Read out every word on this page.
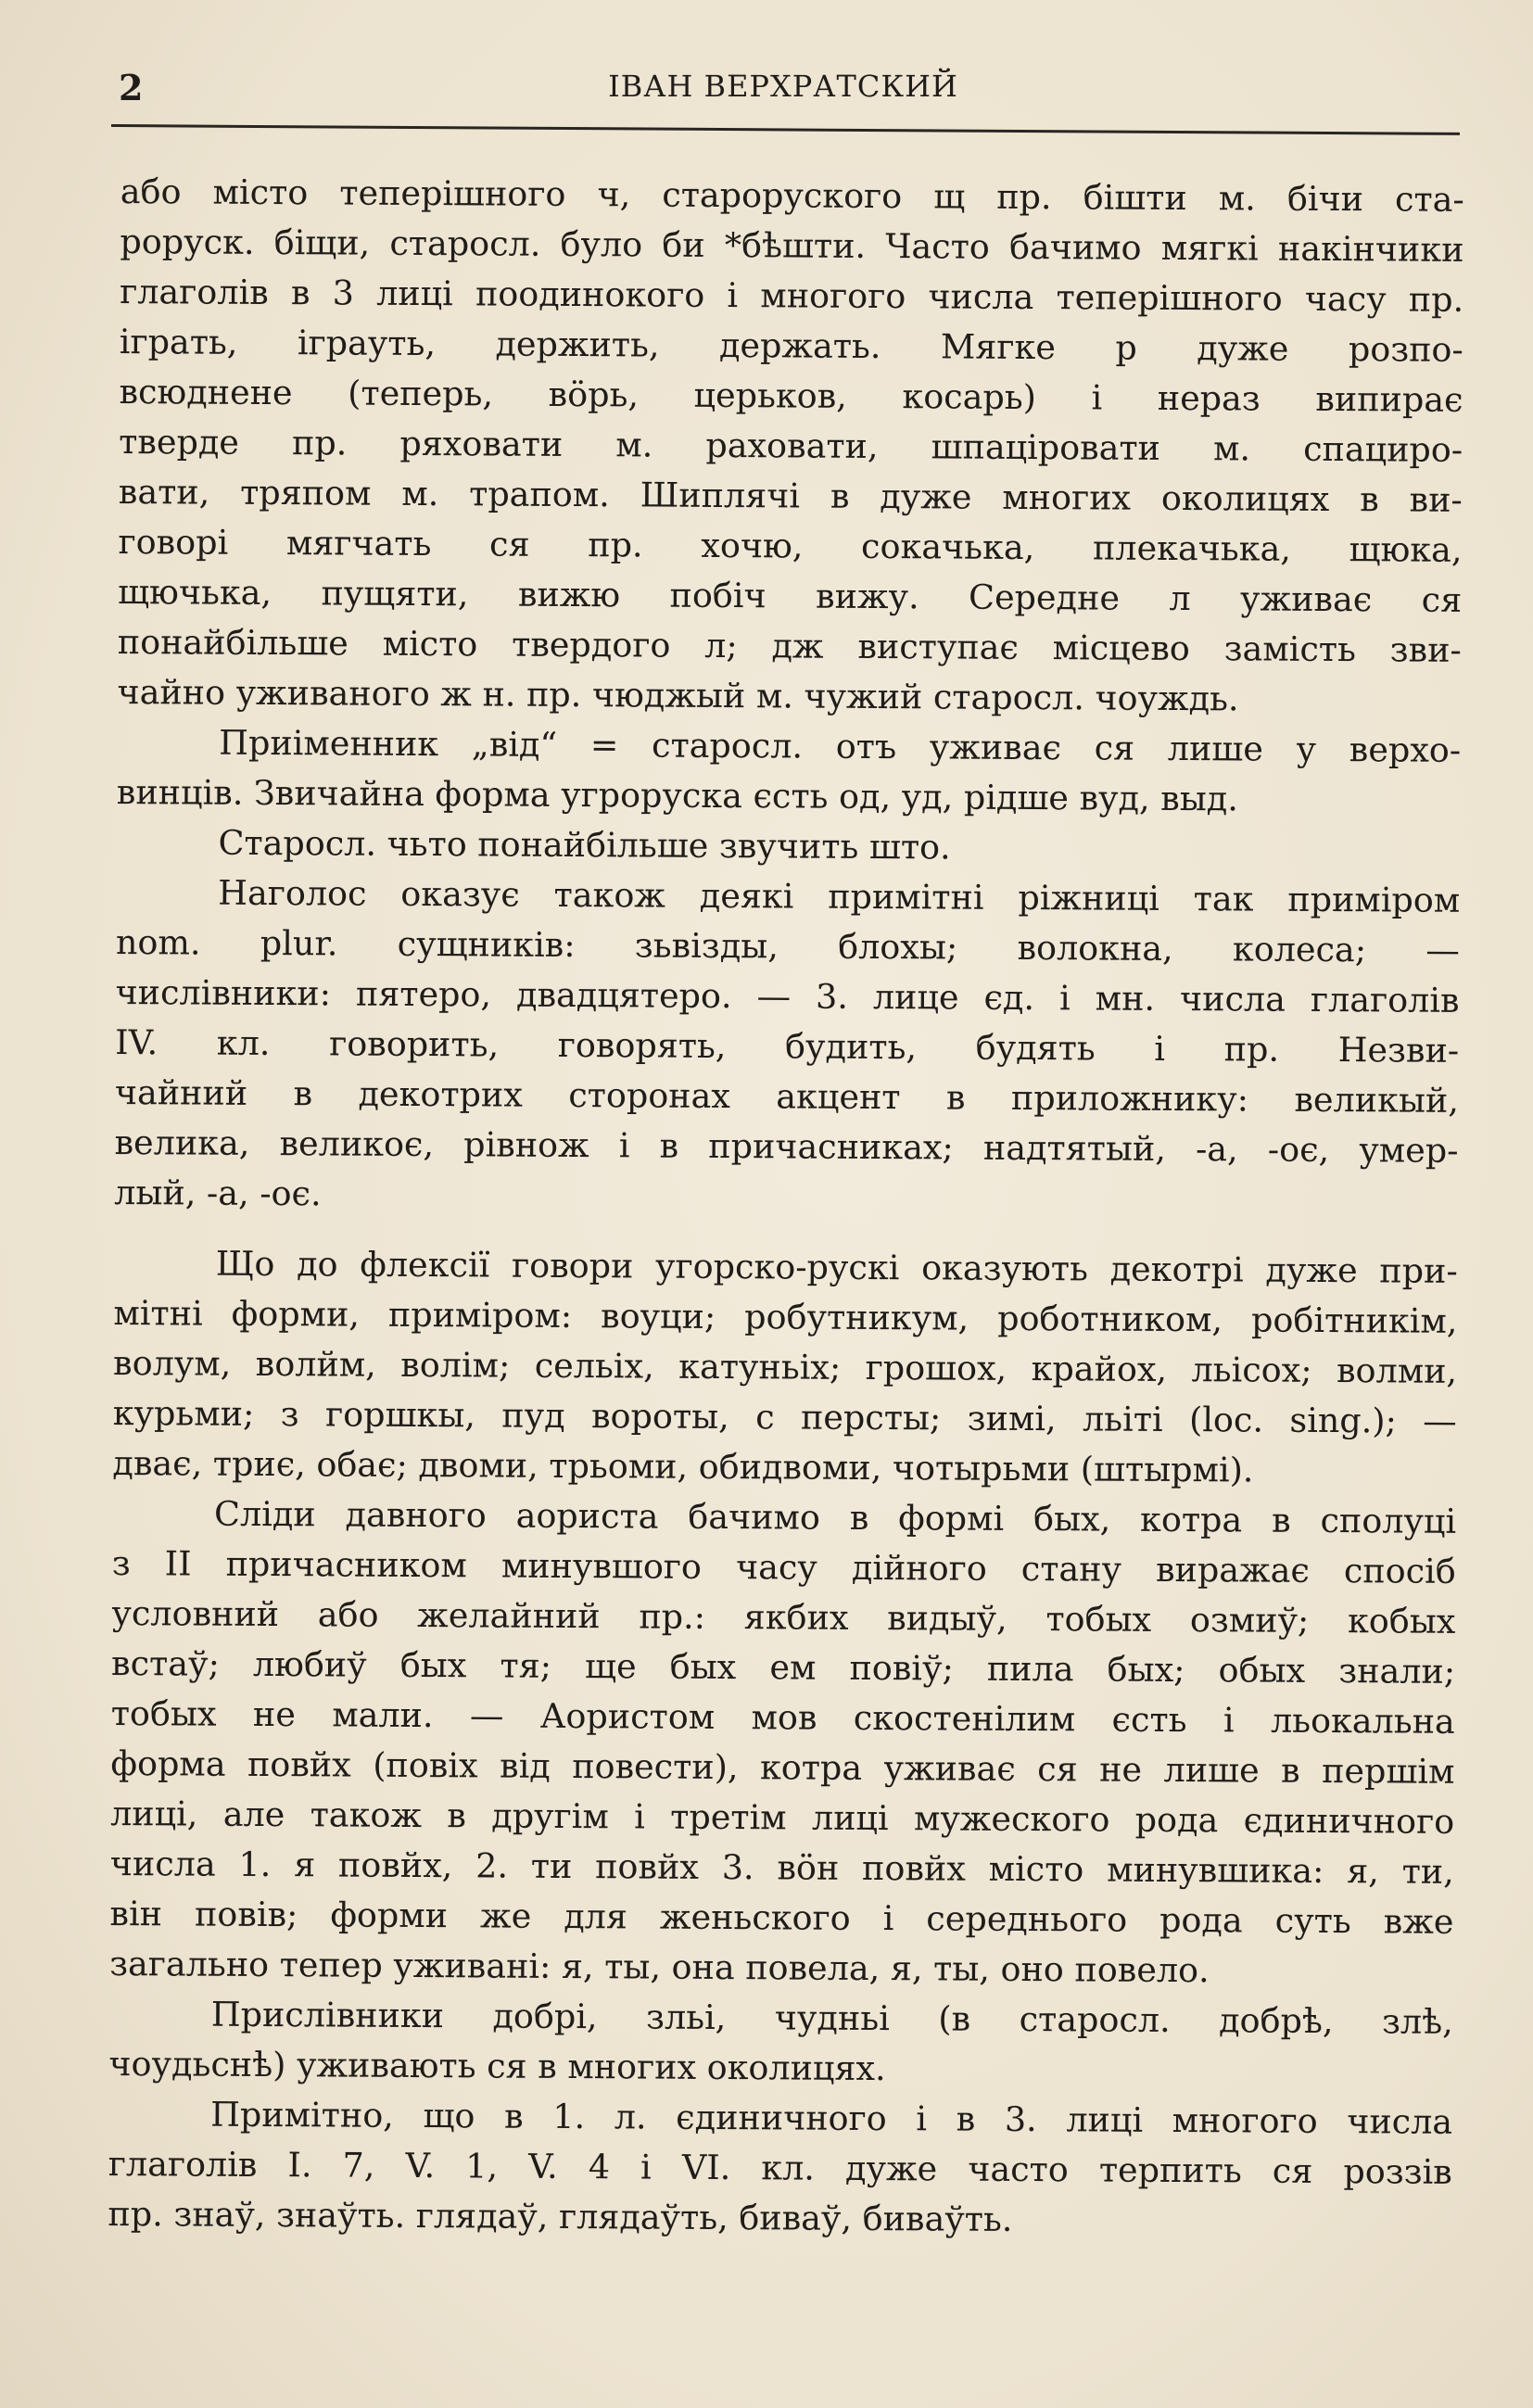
2	ІВАН ВЕРХРАТСКИЙ

або місто теперішного ч, староруского щ пр. бішти м. бічи ста-
роруск. біщи, старосл. було би *бѣшти. Часто бачимо мягкі накінчики
глаголів в 3 лиці поодинокого і многого числа теперішного часу пр.
іграть, іграуть, держить, держать. Мягке р дуже розпо-
всюднене (теперь, вöрь, церьков, косарь) і нераз випирає
тверде пр. ряховати м. раховати, шпаціровати м. спациро-
вати, тряпом м. трапом. Шиплячі в дуже многих околицях в ви-
говорі мягчать ся пр. хочю, сокачька, плекачька, щюка,
щючька, пущяти, вижю побіч вижу. Середне л уживає ся
понайбільше місто твердого л; дж виступає місцево замість зви-
чайно уживаного ж н. пр. чюджый м. чужий старосл. чоуждь.

Приіменник „від“ = старосл. отъ уживає ся лише у верхо-
винців. Звичайна форма угроруска єсть од, уд, рідше вуд, выд.

Старосл. чьто понайбільше звучить што.

Наголос оказує також деякі примітні ріжниці так приміром
nom. plur. сущників: зьвізды, блохы; волокна, колеса; —
числівники: пятеро, двадцятеро. — 3. лице єд. і мн. числа глаголів
IV. кл. говорить, говорять, будить, будять і пр. Незви-
чайний в декотрих сторонах акцент в приложнику: великый,
велика, великоє, рівнож і в причасниках; надтятый, -а, -оє, умер-
лый, -а, -оє.

Що до флексії говори угорско-рускі оказують декотрі дуже при-
мітні форми, приміром: воуци; робутникум, роботником, робітникім,
волум, волйм, волім; сельіх, катуньіх; грошох, крайох, льісох; волми,
курьми; з горшкы, пуд вороты, с персты; зимі, льіті (loc. sing.); —
дває, триє, обає; двоми, трьоми, обидвоми, чотырьми (штырмі).

Сліди давного аориста бачимо в формі быx, котра в сполуці
з II причасником минувшого часу дійного стану виражає спосіб
условний або желайний пр.: якбих видыў, тобых озмиў; кобых
встаў; любиў бых тя; ще бых ем повіў; пила бых; обых знали;
тобых не мали. — Аористом мов скостенілим єсть і льокальна
форма повйх (повіх від повести), котра уживає ся не лише в першім
лиці, але також в другім і третім лиці мужеского рода єдиничного
числа 1. я повйх, 2. ти повйх 3. вöн повйх місто минувшика: я, ти,
він повів; форми же для женьского і середнього рода суть вже
загально тепер уживані: я, ты, она повела, я, ты, оно повело.

Прислівники добрі, зльі, чудньі (в старосл. добрѣ, злѣ,
чоудьснѣ) уживають ся в многих околицях.

Примітно, що в 1. л. єдиничного і в 3. лиці многого числа
глаголів I. 7, V. 1, V. 4 і VI. кл. дуже часто терпить ся роззів
пр. знаў, знаўть. глядаў, глядаўть, биваў, биваўть.
